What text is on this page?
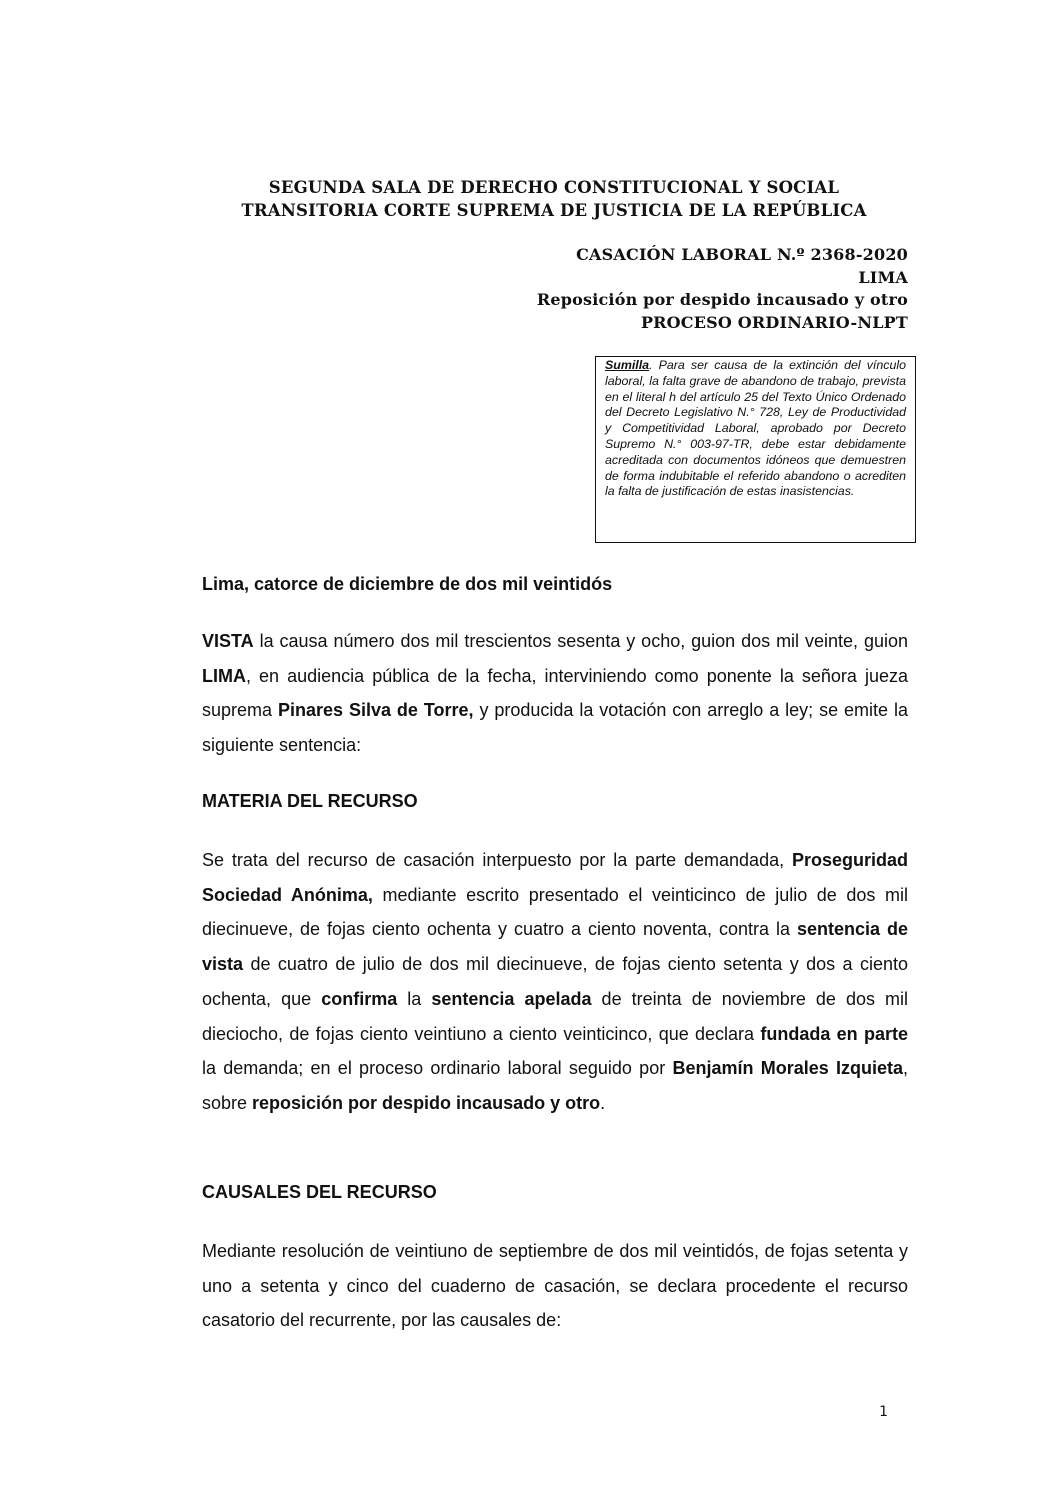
SEGUNDA SALA DE DERECHO CONSTITUCIONAL Y SOCIAL
TRANSITORIA CORTE SUPREMA DE JUSTICIA DE LA REPÚBLICA
CASACIÓN LABORAL N.º 2368-2020
LIMA
Reposición por despido incausado y otro
PROCESO ORDINARIO-NLPT
Sumilla. Para ser causa de la extinción del vínculo laboral, la falta grave de abandono de trabajo, prevista en el literal h del artículo 25 del Texto Único Ordenado del Decreto Legislativo N.° 728, Ley de Productividad y Competitividad Laboral, aprobado por Decreto Supremo N.° 003-97-TR, debe estar debidamente acreditada con documentos idóneos que demuestren de forma indubitable el referido abandono o acrediten la falta de justificación de estas inasistencias.
Lima, catorce de diciembre de dos mil veintidós
VISTA la causa número dos mil trescientos sesenta y ocho, guion dos mil veinte, guion LIMA, en audiencia pública de la fecha, interviniendo como ponente la señora jueza suprema Pinares Silva de Torre, y producida la votación con arreglo a ley; se emite la siguiente sentencia:
MATERIA DEL RECURSO
Se trata del recurso de casación interpuesto por la parte demandada, Proseguridad Sociedad Anónima, mediante escrito presentado el veinticinco de julio de dos mil diecinueve, de fojas ciento ochenta y cuatro a ciento noventa, contra la sentencia de vista de cuatro de julio de dos mil diecinueve, de fojas ciento setenta y dos a ciento ochenta, que confirma la sentencia apelada de treinta de noviembre de dos mil dieciocho, de fojas ciento veintiuno a ciento veinticinco, que declara fundada en parte la demanda; en el proceso ordinario laboral seguido por Benjamín Morales Izquieta, sobre reposición por despido incausado y otro.
CAUSALES DEL RECURSO
Mediante resolución de veintiuno de septiembre de dos mil veintidós, de fojas setenta y uno a setenta y cinco del cuaderno de casación, se declara procedente el recurso casatorio del recurrente, por las causales de:
1
